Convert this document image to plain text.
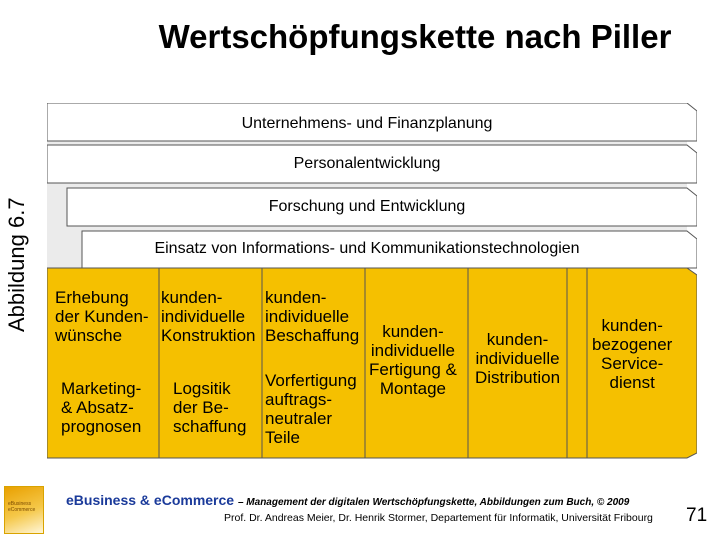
Wertschöpfungskette nach Piller
Abbildung 6.7
Unternehmens- und Finanzplanung
Personalentwicklung
Forschung und Entwicklung
Einsatz von Informations- und Kommunikationstechnologien
Erhebung
der Kunden-
wünsche
Marketing-
& Absatz-
prognosen
kunden-
individuelle
Konstruktion
Logsitik
der Be-
schaffung
kunden-
individuelle
Beschaffung
Vorfertigung
auftrags-
neutraler
Teile
kunden-
individuelle
Fertigung &
Montage
kunden-
individuelle
Distribution
kunden-
bezogener
Service-
dienst
eBusiness eCommerce
eBusiness & eCommerce – Management der digitalen Wertschöpfungskette, Abbildungen zum Buch, © 2009
Prof. Dr. Andreas Meier, Dr. Henrik Stormer, Departement für Informatik, Universität Fribourg 71
